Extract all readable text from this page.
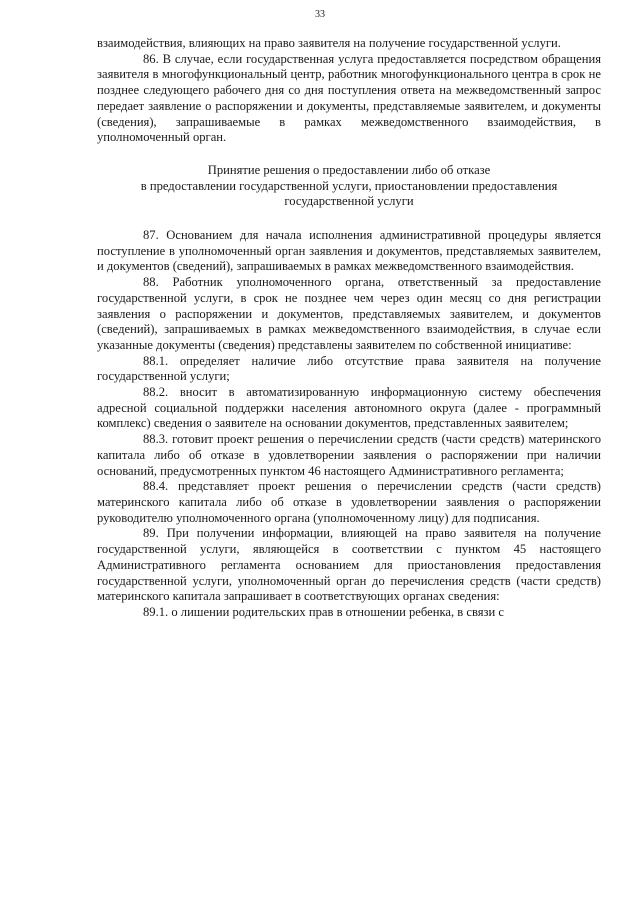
33

взаимодействия, влияющих на право заявителя на получение государственной услуги.

86. В случае, если государственная услуга предоставляется посредством обращения заявителя в многофункциональный центр, работник многофункционального центра в срок не позднее следующего рабочего дня со дня поступления ответа на межведомственный запрос передает заявление о распоряжении и документы, представляемые заявителем, и документы (сведения), запрашиваемые в рамках межведомственного взаимодействия, в уполномоченный орган.

Принятие решения о предоставлении либо об отказе
в предоставлении государственной услуги, приостановлении предоставления
государственной услуги

87. Основанием для начала исполнения административной процедуры является поступление в уполномоченный орган заявления и документов, представляемых заявителем, и документов (сведений), запрашиваемых в рамках межведомственного взаимодействия.

88. Работник уполномоченного органа, ответственный за предоставление государственной услуги, в срок не позднее чем через один месяц со дня регистрации заявления о распоряжении и документов, представляемых заявителем, и документов (сведений), запрашиваемых в рамках межведомственного взаимодействия, в случае если указанные документы (сведения) представлены заявителем по собственной инициативе:

88.1. определяет наличие либо отсутствие права заявителя на получение государственной услуги;

88.2. вносит в автоматизированную информационную систему обеспечения адресной социальной поддержки населения автономного округа (далее - программный комплекс) сведения о заявителе на основании документов, представленных заявителем;

88.3. готовит проект решения о перечислении средств (части средств) материнского капитала либо об отказе в удовлетворении заявления о распоряжении при наличии оснований, предусмотренных пунктом 46 настоящего Административного регламента;

88.4. представляет проект решения о перечислении средств (части средств) материнского капитала либо об отказе в удовлетворении заявления о распоряжении руководителю уполномоченного органа (уполномоченному лицу) для подписания.

89. При получении информации, влияющей на право заявителя на получение государственной услуги, являющейся в соответствии с пунктом 45 настоящего Административного регламента основанием для приостановления предоставления государственной услуги, уполномоченный орган до перечисления средств (части средств) материнского капитала запрашивает в соответствующих органах сведения:

89.1. о лишении родительских прав в отношении ребенка, в связи с
